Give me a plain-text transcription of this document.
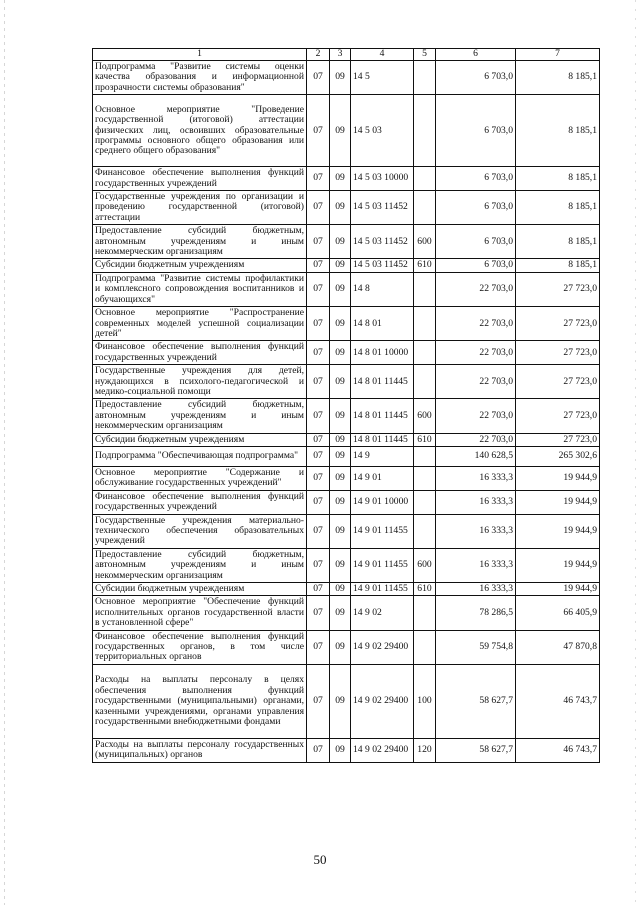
1	2	3	4	5	6	7
Подпрограмма "Развитие системы оценки качества образования и информационной прозрачности системы образования"	07	09	14 5		6 703,0	8 185,1
Основное мероприятие "Проведение государственной (итоговой) аттестации физических лиц, освоивших образовательные программы основного общего образования или среднего общего образования"	07	09	14 5 03		6 703,0	8 185,1
Финансовое обеспечение выполнения функций государственных учреждений	07	09	14 5 03 10000		6 703,0	8 185,1
Государственные учреждения по организации и проведению государственной (итоговой) аттестации	07	09	14 5 03 11452		6 703,0	8 185,1
Предоставление субсидий бюджетным, автономным учреждениям и иным некоммерческим организациям	07	09	14 5 03 11452	600	6 703,0	8 185,1
Субсидии бюджетным учреждениям	07	09	14 5 03 11452	610	6 703,0	8 185,1
Подпрограмма "Развитие системы профилактики и комплексного сопровождения воспитанников и обучающихся"	07	09	14 8		22 703,0	27 723,0
Основное мероприятие "Распространение современных моделей успешной социализации детей"	07	09	14 8 01		22 703,0	27 723,0
Финансовое обеспечение выполнения функций государственных учреждений	07	09	14 8 01 10000		22 703,0	27 723,0
Государственные учреждения для детей, нуждающихся в психолого-педагогической и медико-социальной помощи	07	09	14 8 01 11445		22 703,0	27 723,0
Предоставление субсидий бюджетным, автономным учреждениям и иным некоммерческим организациям	07	09	14 8 01 11445	600	22 703,0	27 723,0
Субсидии бюджетным учреждениям	07	09	14 8 01 11445	610	22 703,0	27 723,0
Подпрограмма "Обеспечивающая подпрограмма"	07	09	14 9		140 628,5	265 302,6
Основное мероприятие "Содержание и обслуживание государственных учреждений"	07	09	14 9 01		16 333,3	19 944,9
Финансовое обеспечение выполнения функций государственных учреждений	07	09	14 9 01 10000		16 333,3	19 944,9
Государственные учреждения материально-технического обеспечения образовательных учреждений	07	09	14 9 01 11455		16 333,3	19 944,9
Предоставление субсидий бюджетным, автономным учреждениям и иным некоммерческим организациям	07	09	14 9 01 11455	600	16 333,3	19 944,9
Субсидии бюджетным учреждениям	07	09	14 9 01 11455	610	16 333,3	19 944,9
Основное мероприятие "Обеспечение функций исполнительных органов государственной власти в установленной сфере"	07	09	14 9 02		78 286,5	66 405,9
Финансовое обеспечение выполнения функций государственных органов, в том числе территориальных органов	07	09	14 9 02 29400		59 754,8	47 870,8
Расходы на выплаты персоналу в целях обеспечения выполнения функций государственными (муниципальными) органами, казенными учреждениями, органами управления государственными внебюджетными фондами	07	09	14 9 02 29400	100	58 627,7	46 743,7
Расходы на выплаты персоналу государственных (муниципальных) органов	07	09	14 9 02 29400	120	58 627,7	46 743,7
50
